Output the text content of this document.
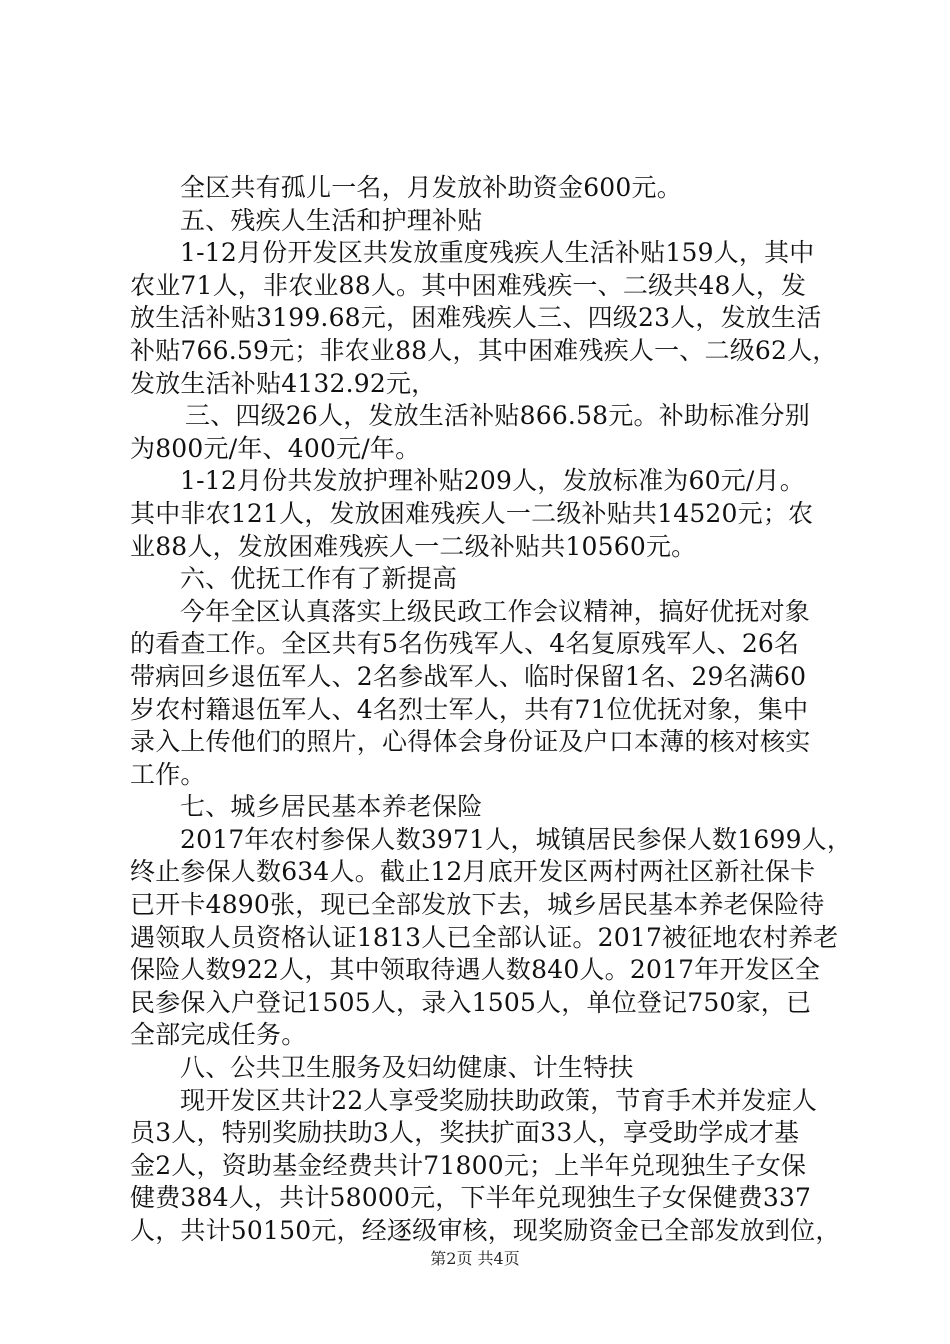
全区共有孤儿一名，月发放补助资金600元。
五、残疾人生活和护理补贴
1-12月份开发区共发放重度残疾人生活补贴159人，其中
农业71人，非农业88人。其中困难残疾一、二级共48人，发
放生活补贴3199.68元，困难残疾人三、四级23人，发放生活
补贴766.59元；非农业88人，其中困难残疾人一、二级62人，
发放生活补贴4132.92元，
三、四级26人，发放生活补贴866.58元。补助标准分别
为800元/年、400元/年。
1-12月份共发放护理补贴209人，发放标准为60元/月。
其中非农121人，发放困难残疾人一二级补贴共14520元；农
业88人，发放困难残疾人一二级补贴共10560元。
六、优抚工作有了新提高
今年全区认真落实上级民政工作会议精神，搞好优抚对象
的看查工作。全区共有5名伤残军人、4名复原残军人、26名
带病回乡退伍军人、2名参战军人、临时保留1名、29名满60
岁农村籍退伍军人、4名烈士军人，共有71位优抚对象，集中
录入上传他们的照片，心得体会身份证及户口本薄的核对核实
工作。
七、城乡居民基本养老保险
2017年农村参保人数3971人，城镇居民参保人数1699人，
终止参保人数634人。截止12月底开发区两村两社区新社保卡
已开卡4890张，现已全部发放下去，城乡居民基本养老保险待
遇领取人员资格认证1813人已全部认证。2017被征地农村养老
保险人数922人，其中领取待遇人数840人。2017年开发区全
民参保入户登记1505人，录入1505人，单位登记750家，已
全部完成任务。
八、公共卫生服务及妇幼健康、计生特扶
现开发区共计22人享受奖励扶助政策，节育手术并发症人
员3人，特别奖励扶助3人，奖扶扩面33人，享受助学成才基
金2人，资助基金经费共计71800元；上半年兑现独生子女保
健费384人，共计58000元，下半年兑现独生子女保健费337
人，共计50150元，经逐级审核，现奖励资金已全部发放到位，
第2页 共4页
